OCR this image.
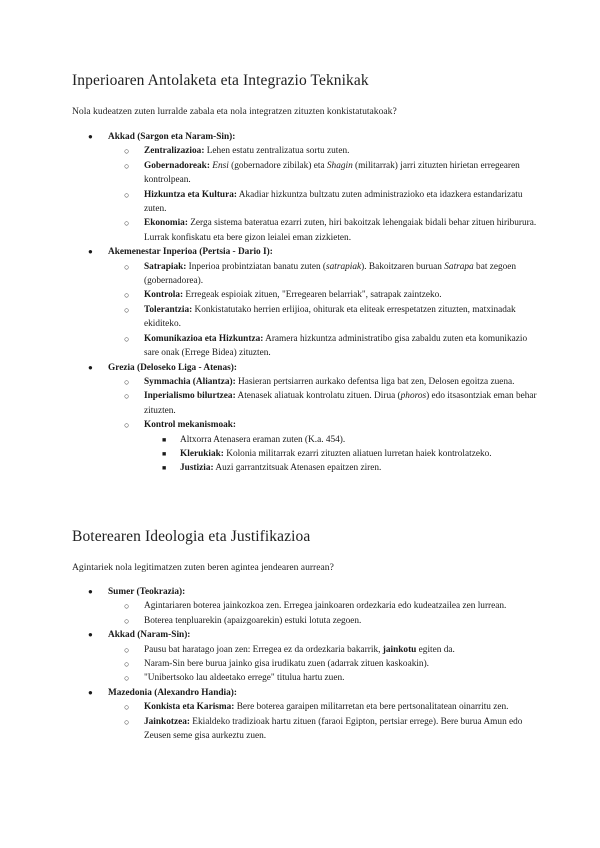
Inperioaren Antolaketa eta Integrazio Teknikak

Nola kudeatzen zuten lurralde zabala eta nola integratzen zituzten konkistatutakoak?

● Akkad (Sargon eta Naram-Sin):
○ Zentralizazioa: Lehen estatu zentralizatua sortu zuten.
○ Gobernadoreak: Ensi (gobernadore zibilak) eta Shagin (militarrak) jarri zituzten hirietan erregearen kontrolpean.
○ Hizkuntza eta Kultura: Akadiar hizkuntza bultzatu zuten administrazioko eta idazkera estandarizatu zuten.
○ Ekonomia: Zerga sistema bateratua ezarri zuten, hiri bakoitzak lehengaiak bidali behar zituen hiriburura. Lurrak konfiskatu eta bere gizon leialei eman zizkieten.
● Akemenestar Inperioa (Pertsia - Dario I):
○ Satrapiak: Inperioa probintziatan banatu zuten (satrapiak). Bakoitzaren buruan Satrapa bat zegoen (gobernadorea).
○ Kontrola: Erregeak espioiak zituen, "Erregearen belarriak", satrapak zaintzeko.
○ Tolerantzia: Konkistatutako herrien erlijioa, ohiturak eta eliteak errespetatzen zituzten, matxinadak ekiditeko.
○ Komunikazioa eta Hizkuntza: Aramera hizkuntza administratibo gisa zabaldu zuten eta komunikazio sare onak (Errege Bidea) zituzten.
● Grezia (Deloseko Liga - Atenas):
○ Symmachia (Aliantza): Hasieran pertsiarren aurkako defentsa liga bat zen, Delosen egoitza zuena.
○ Inperialismo bilurtzea: Atenasek aliatuak kontrolatu zituen. Dirua (phoros) edo itsasontziak eman behar zituzten.
○ Kontrol mekanismoak:
■ Altxorra Atenasera eraman zuten (K.a. 454).
■ Klerukiak: Kolonia militarrak ezarri zituzten aliatuen lurretan haiek kontrolatzeko.
■ Justizia: Auzi garrantzitsuak Atenasen epaitzen ziren.
Boterearen Ideologia eta Justifikazioa

Agintariek nola legitimatzen zuten beren agintea jendearen aurrean?

● Sumer (Teokrazia):
○ Agintariaren boterea jainkozkoa zen. Erregea jainkoaren ordezkaria edo kudeatzailea zen lurrean.
○ Boterea tenpluarekin (apaizgoarekin) estuki lotuta zegoen.
● Akkad (Naram-Sin):
○ Pausu bat haratago joan zen: Erregea ez da ordezkaria bakarrik, jainkotu egiten da.
○ Naram-Sin bere burua jainko gisa irudikatu zuen (adarrak zituen kaskoakin).
○ "Unibertsoko lau aldeetako errege" titulua hartu zuen.
● Mazedonia (Alexandro Handia):
○ Konkista eta Karisma: Bere boterea garaipen militarretan eta bere pertsonalitatean oinarritu zen.
○ Jainkotzea: Ekialdeko tradizioak hartu zituen (faraoi Egipton, pertsiar errege). Bere burua Amun edo Zeusen seme gisa aurkeztu zuen.
